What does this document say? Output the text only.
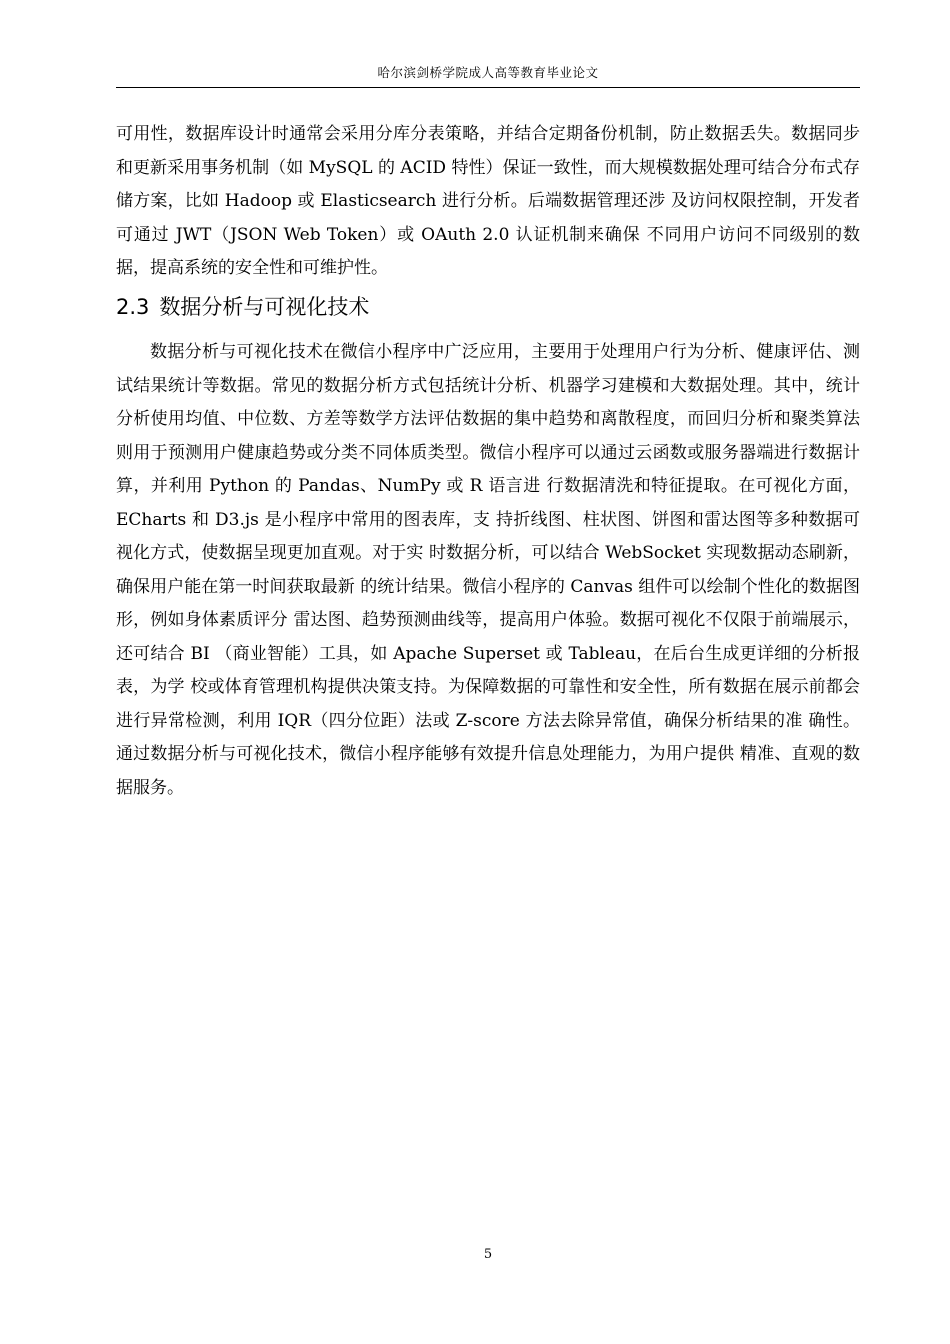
哈尔滨剑桥学院成人高等教育毕业论文

可用性，数据库设计时通常会采用分库分表策略，并结合定期备份机制，防止数据丢失。数据同步和更新采用事务机制（如 MySQL 的 ACID 特性）保证一致性，而大规模数据处理可结合分布式存储方案，比如 Hadoop 或 Elasticsearch 进行分析。后端数据管理还涉 及访问权限控制，开发者可通过 JWT（JSON Web Token）或 OAuth 2.0 认证机制来确保 不同用户访问不同级别的数据，提高系统的安全性和可维护性。

2.3 数据分析与可视化技术

数据分析与可视化技术在微信小程序中广泛应用，主要用于处理用户行为分析、健康评估、测试结果统计等数据。常见的数据分析方式包括统计分析、机器学习建模和大数据处理。其中，统计分析使用均值、中位数、方差等数学方法评估数据的集中趋势和离散程度，而回归分析和聚类算法则用于预测用户健康趋势或分类不同体质类型。微信小程序可以通过云函数或服务器端进行数据计算，并利用 Python 的 Pandas、NumPy 或 R 语言进 行数据清洗和特征提取。在可视化方面，ECharts 和 D3.js 是小程序中常用的图表库，支 持折线图、柱状图、饼图和雷达图等多种数据可视化方式，使数据呈现更加直观。对于实 时数据分析，可以结合 WebSocket 实现数据动态刷新，确保用户能在第一时间获取最新 的统计结果。微信小程序的 Canvas 组件可以绘制个性化的数据图形，例如身体素质评分 雷达图、趋势预测曲线等，提高用户体验。数据可视化不仅限于前端展示，还可结合 BI （商业智能）工具，如 Apache Superset 或 Tableau，在后台生成更详细的分析报表，为学 校或体育管理机构提供决策支持。为保障数据的可靠性和安全性，所有数据在展示前都会 进行异常检测，利用 IQR（四分位距）法或 Z-score 方法去除异常值，确保分析结果的准 确性。通过数据分析与可视化技术，微信小程序能够有效提升信息处理能力，为用户提供 精准、直观的数据服务。

5
